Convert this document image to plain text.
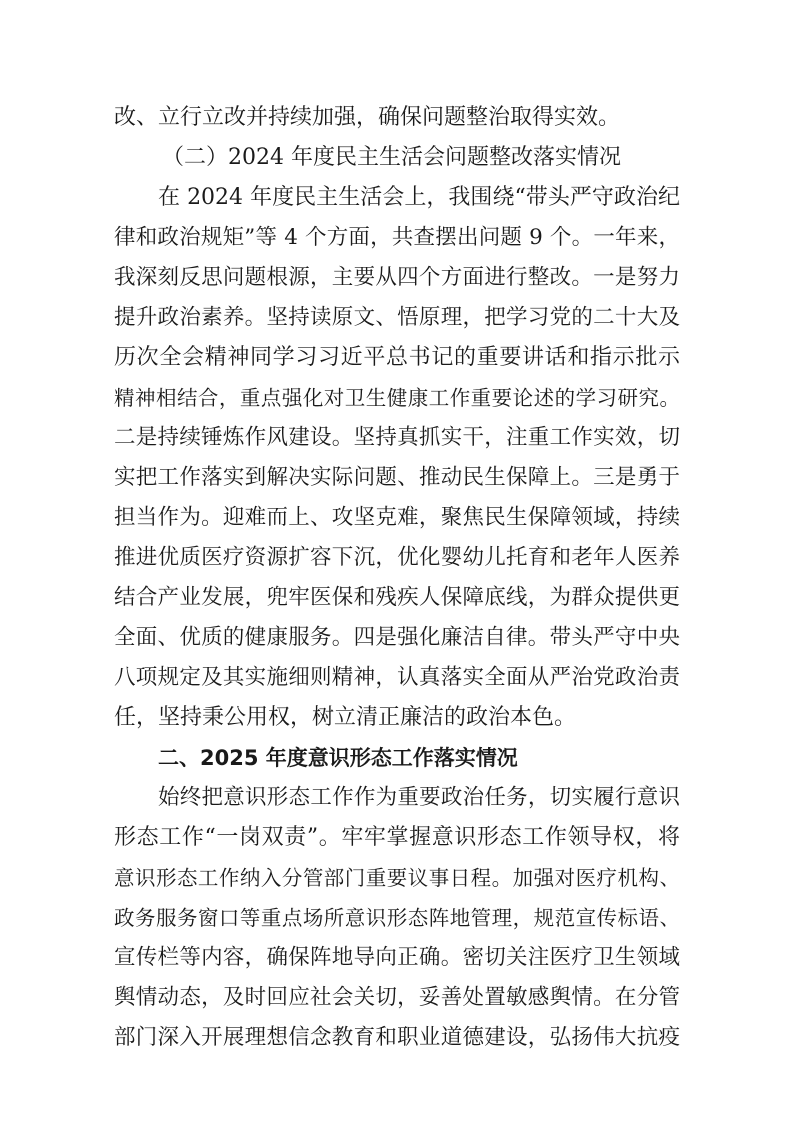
改、立行立改并持续加强，确保问题整治取得实效。
（二）2024 年度民主生活会问题整改落实情况
在 2024 年度民主生活会上，我围绕“带头严守政治纪
律和政治规矩”等 4 个方面，共查摆出问题 9 个。一年来，
我深刻反思问题根源，主要从四个方面进行整改。一是努力
提升政治素养。坚持读原文、悟原理，把学习党的二十大及
历次全会精神同学习习近平总书记的重要讲话和指示批示
精神相结合，重点强化对卫生健康工作重要论述的学习研究。
二是持续锤炼作风建设。坚持真抓实干，注重工作实效，切
实把工作落实到解决实际问题、推动民生保障上。三是勇于
担当作为。迎难而上、攻坚克难，聚焦民生保障领域，持续
推进优质医疗资源扩容下沉，优化婴幼儿托育和老年人医养
结合产业发展，兜牢医保和残疾人保障底线，为群众提供更
全面、优质的健康服务。四是强化廉洁自律。带头严守中央
八项规定及其实施细则精神，认真落实全面从严治党政治责
任，坚持秉公用权，树立清正廉洁的政治本色。
二、2025 年度意识形态工作落实情况
始终把意识形态工作作为重要政治任务，切实履行意识
形态工作“一岗双责”。牢牢掌握意识形态工作领导权，将
意识形态工作纳入分管部门重要议事日程。加强对医疗机构、
政务服务窗口等重点场所意识形态阵地管理，规范宣传标语、
宣传栏等内容，确保阵地导向正确。密切关注医疗卫生领域
舆情动态，及时回应社会关切，妥善处置敏感舆情。在分管
部门深入开展理想信念教育和职业道德建设，弘扬伟大抗疫
